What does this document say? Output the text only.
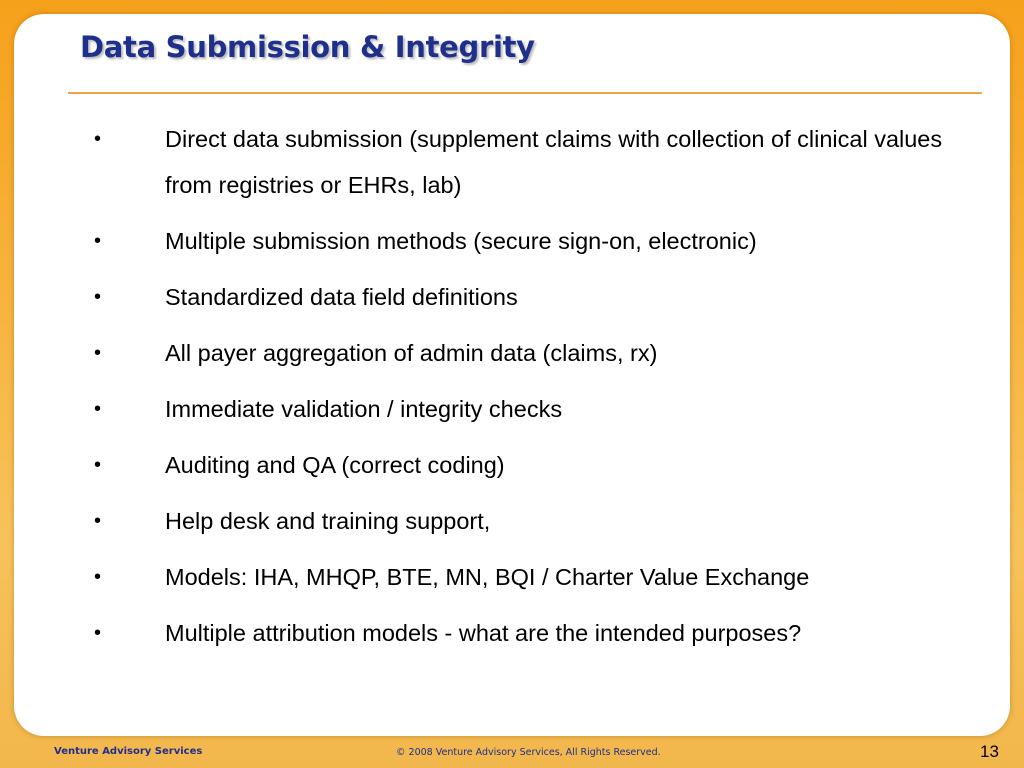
Data Submission & Integrity
•	Direct data submission (supplement claims with collection of clinical values from registries or EHRs, lab)
•	Multiple submission methods (secure sign-on, electronic)
•	Standardized data field definitions
•	All payer aggregation of admin data (claims, rx)
•	Immediate validation / integrity checks
•	Auditing and QA (correct coding)
•	Help desk and training support,
•	Models: IHA, MHQP, BTE, MN, BQI / Charter Value Exchange
•	Multiple attribution models - what are the intended purposes?
Venture Advisory Services	© 2008 Venture Advisory Services, All Rights Reserved.	13
